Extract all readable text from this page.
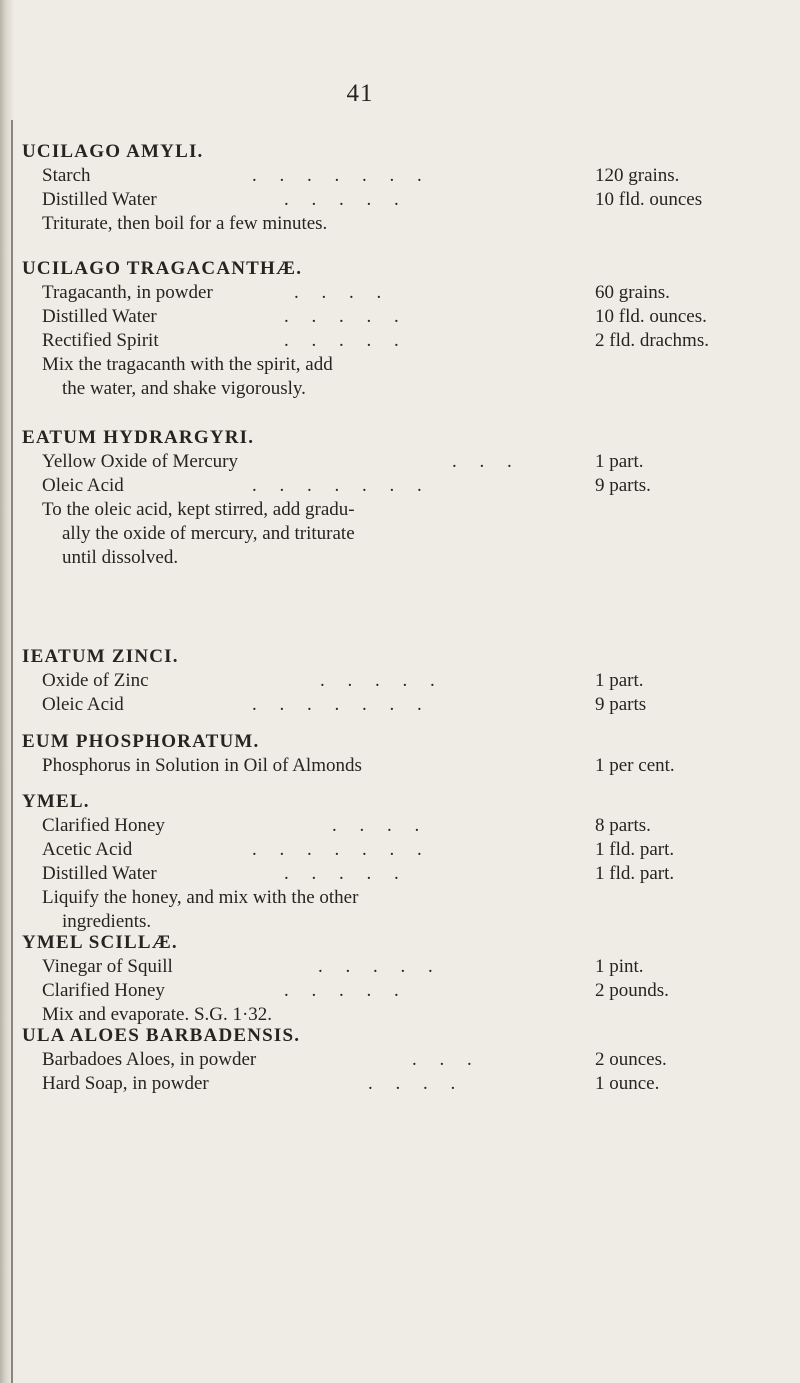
41
UCILAGO AMYLI.
Starch	. . . . . . .	120 grains.
Distilled Water	. . . . .	10 fld. ounces
Triturate, then boil for a few minutes.
UCILAGO TRAGACANTHÆ.
Tragacanth, in powder	. . . .	60 grains.
Distilled Water	. . . . .	10 fld. ounces.
Rectified Spirit	. . . . .	2 fld. drachms.
Mix the tragacanth with the spirit, add
the water, and shake vigorously.
EATUM HYDRARGYRI.
Yellow Oxide of Mercury	. . .	1 part.
Oleic Acid	. . . . . . .	9 parts.
To the oleic acid, kept stirred, add gradu-
ally the oxide of mercury, and triturate
until dissolved.
IEATUM ZINCI.
Oxide of Zinc	. . . . .	1 part.
Oleic Acid	. . . . . . .	9 parts
EUM PHOSPHORATUM.
Phosphorus in Solution in Oil of Almonds	1 per cent.
YMEL.
Clarified Honey	. . . .	8 parts.
Acetic Acid	. . . . . . .	1 fld. part.
Distilled Water	. . . . .	1 fld. part.
Liquify the honey, and mix with the other
ingredients.
YMEL SCILLÆ.
Vinegar of Squill	. . . . .	1 pint.
Clarified Honey	. . . . .	2 pounds.
Mix and evaporate. S.G. 1·32.
ULA ALOES BARBADENSIS.
Barbadoes Aloes, in powder	. . .	2 ounces.
Hard Soap, in powder	. . . .	1 ounce.
